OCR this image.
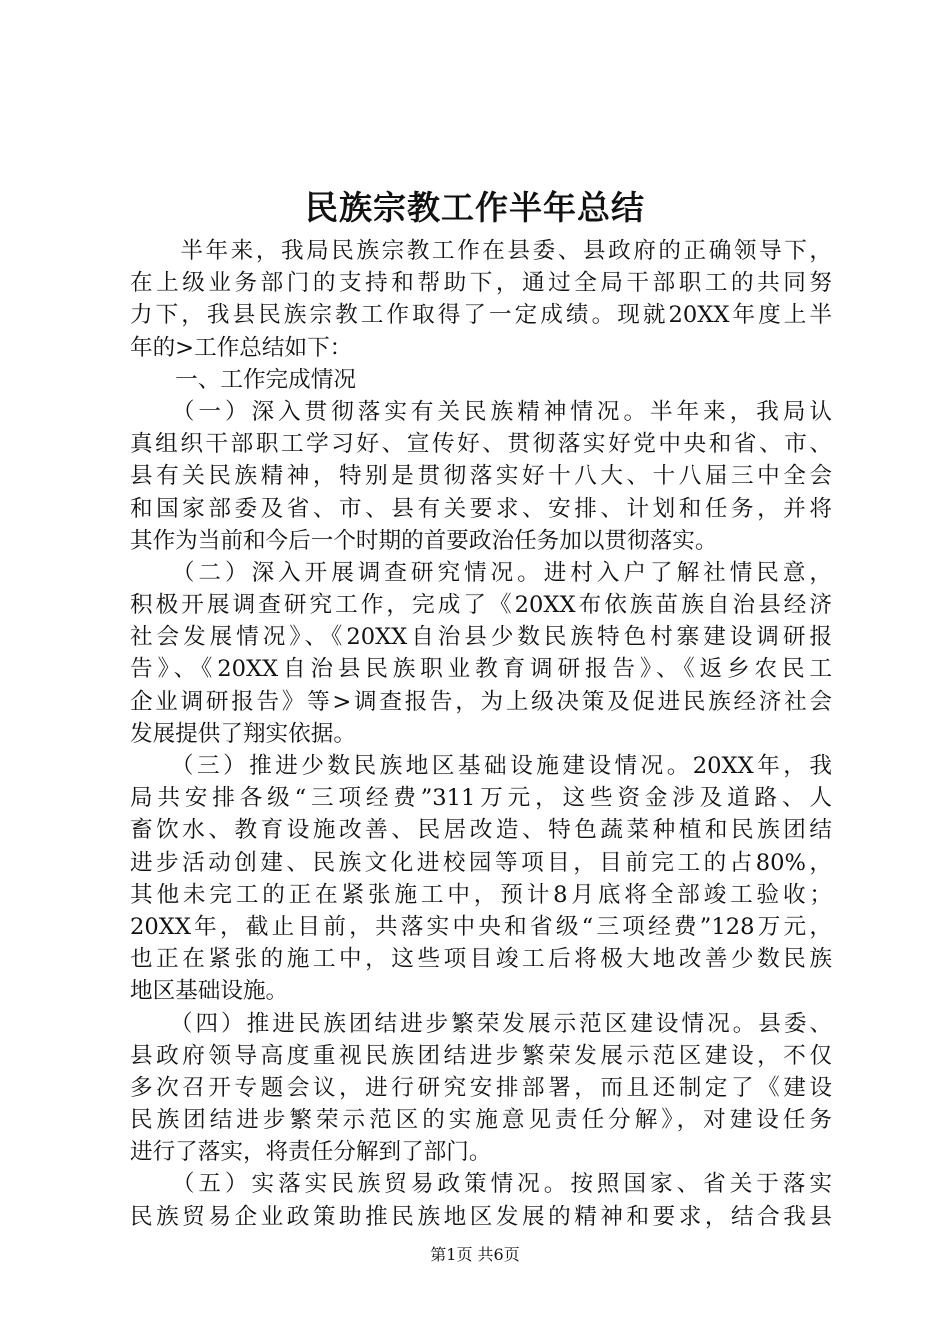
民族宗教工作半年总结
　　半年来，我局民族宗教工作在县委、县政府的正确领导下，
在上级业务部门的支持和帮助下，通过全局干部职工的共同努
力下，我县民族宗教工作取得了一定成绩。现就20XX年度上半
年的>工作总结如下：
　　一、工作完成情况
　　（一）深入贯彻落实有关民族精神情况。半年来，我局认
真组织干部职工学习好、宣传好、贯彻落实好党中央和省、市、
县有关民族精神，特别是贯彻落实好十八大、十八届三中全会
和国家部委及省、市、县有关要求、安排、计划和任务，并将
其作为当前和今后一个时期的首要政治任务加以贯彻落实。
　　（二）深入开展调查研究情况。进村入户了解社情民意，
积极开展调查研究工作，完成了《20XX布依族苗族自治县经济
社会发展情况》、《20XX自治县少数民族特色村寨建设调研报
告》、《20XX自治县民族职业教育调研报告》、《返乡农民工
企业调研报告》等>调查报告，为上级决策及促进民族经济社会
发展提供了翔实依据。
　　（三）推进少数民族地区基础设施建设情况。20XX年，我
局共安排各级“三项经费”311万元，这些资金涉及道路、人
畜饮水、教育设施改善、民居改造、特色蔬菜种植和民族团结
进步活动创建、民族文化进校园等项目，目前完工的占80%，
其他未完工的正在紧张施工中，预计8月底将全部竣工验收；
20XX年，截止目前，共落实中央和省级“三项经费”128万元，
也正在紧张的施工中，这些项目竣工后将极大地改善少数民族
地区基础设施。
　　（四）推进民族团结进步繁荣发展示范区建设情况。县委、
县政府领导高度重视民族团结进步繁荣发展示范区建设，不仅
多次召开专题会议，进行研究安排部署，而且还制定了《建设
民族团结进步繁荣示范区的实施意见责任分解》，对建设任务
进行了落实，将责任分解到了部门。
　　（五）实落实民族贸易政策情况。按照国家、省关于落实
民族贸易企业政策助推民族地区发展的精神和要求，结合我县
第1页 共6页
